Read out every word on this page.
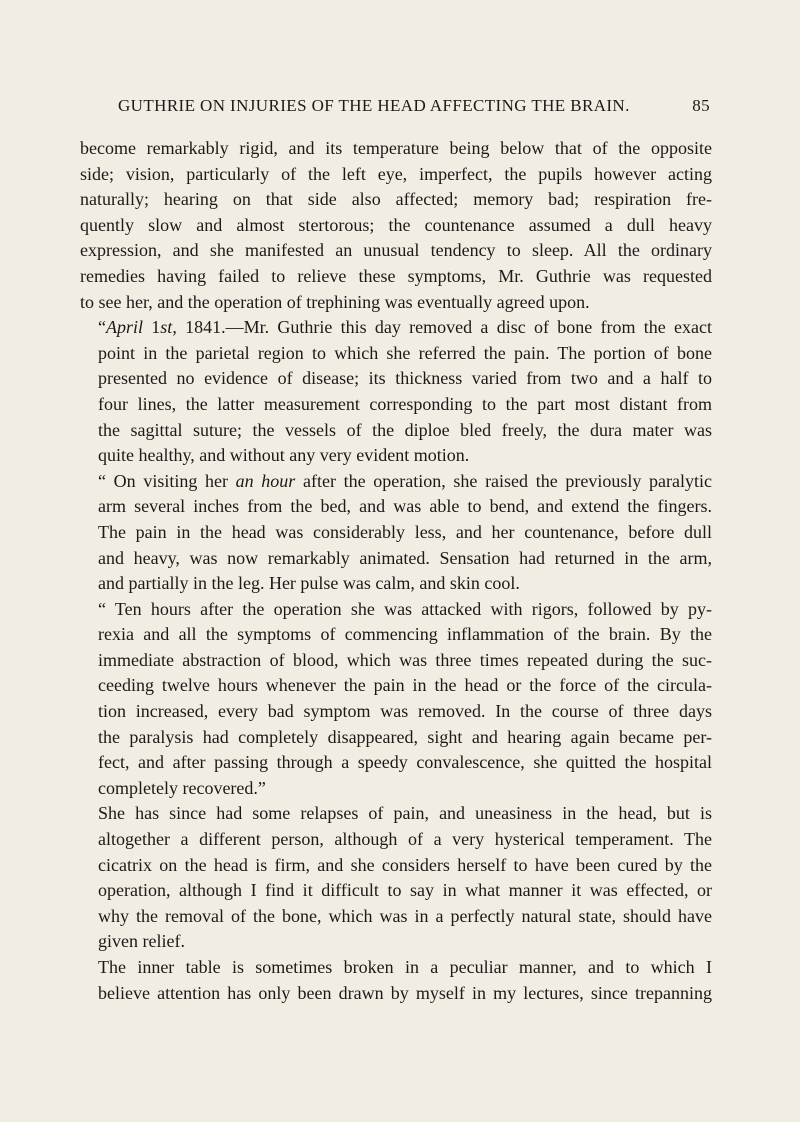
GUTHRIE ON INJURIES OF THE HEAD AFFECTING THE BRAIN.	85

become remarkably rigid, and its temperature being below that of the opposite
side; vision, particularly of the left eye, imperfect, the pupils however acting
naturally; hearing on that side also affected; memory bad; respiration fre-
quently slow and almost stertorous; the countenance assumed a dull heavy
expression, and she manifested an unusual tendency to sleep. All the ordinary
remedies having failed to relieve these symptoms, Mr. Guthrie was requested
to see her, and the operation of trephining was eventually agreed upon.

“April 1st, 1841.—Mr. Guthrie this day removed a disc of bone from the exact
point in the parietal region to which she referred the pain. The portion of bone
presented no evidence of disease; its thickness varied from two and a half to
four lines, the latter measurement corresponding to the part most distant from
the sagittal suture; the vessels of the diploe bled freely, the dura mater was
quite healthy, and without any very evident motion.

“ On visiting her an hour after the operation, she raised the previously paralytic
arm several inches from the bed, and was able to bend, and extend the fingers.
The pain in the head was considerably less, and her countenance, before dull
and heavy, was now remarkably animated. Sensation had returned in the arm,
and partially in the leg. Her pulse was calm, and skin cool.

“ Ten hours after the operation she was attacked with rigors, followed by py-
rexia and all the symptoms of commencing inflammation of the brain. By the
immediate abstraction of blood, which was three times repeated during the suc-
ceeding twelve hours whenever the pain in the head or the force of the circula-
tion increased, every bad symptom was removed. In the course of three days
the paralysis had completely disappeared, sight and hearing again became per-
fect, and after passing through a speedy convalescence, she quitted the hospital
completely recovered.”

She has since had some relapses of pain, and uneasiness in the head, but is
altogether a different person, although of a very hysterical temperament. The
cicatrix on the head is firm, and she considers herself to have been cured by the
operation, although I find it difficult to say in what manner it was effected, or
why the removal of the bone, which was in a perfectly natural state, should have
given relief.

The inner table is sometimes broken in a peculiar manner, and to which I
believe attention has only been drawn by myself in my lectures, since trepanning
